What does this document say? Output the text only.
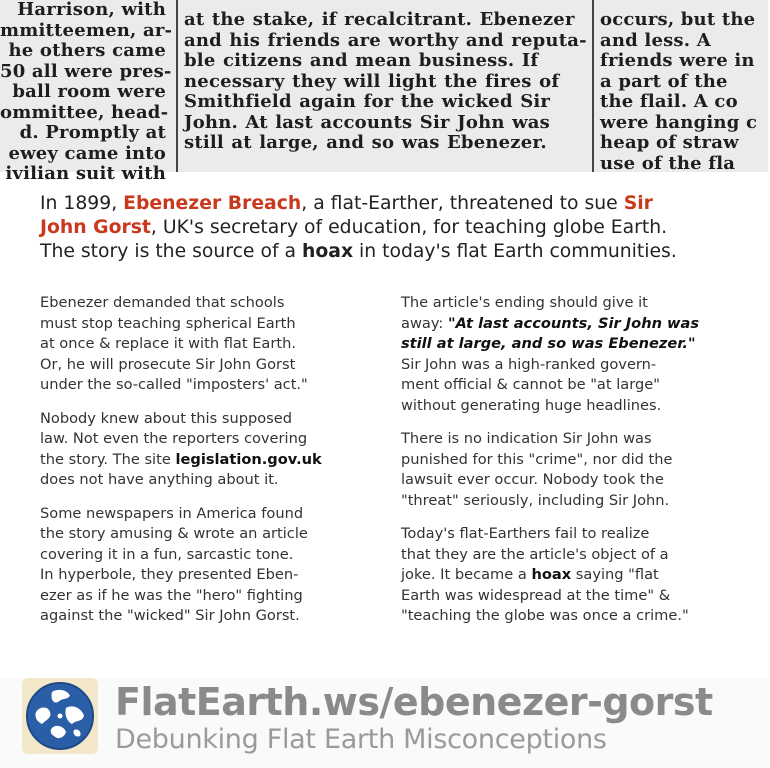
Harrison, with
mmitteemen, ar-
he others came
50 all were pres-
ball room were
ommittee, head-
d. Promptly at
ewey came into
ivilian suit with
at the stake, if recalcitrant. Ebenezer
and his friends are worthy and reputa-
ble citizens and mean business. If
necessary they will light the fires of
Smithfield again for the wicked Sir
John. At last accounts Sir John was
still at large, and so was Ebenezer.
occurs, but the
and less. A
friends were in
a part of the
the flail. A co
were hanging c
heap of straw
use of the fla
In 1899, Ebenezer Breach, a flat-Earther, threatened to sue Sir
John Gorst, UK's secretary of education, for teaching globe Earth.
The story is the source of a hoax in today's flat Earth communities.

Ebenezer demanded that schools
must stop teaching spherical Earth
at once & replace it with flat Earth.
Or, he will prosecute Sir John Gorst
under the so-called "imposters' act."

Nobody knew about this supposed
law. Not even the reporters covering
the story. The site legislation.gov.uk
does not have anything about it.

Some newspapers in America found
the story amusing & wrote an article
covering it in a fun, sarcastic tone.
In hyperbole, they presented Eben-
ezer as if he was the "hero" fighting
against the "wicked" Sir John Gorst.

The article's ending should give it
away: "At last accounts, Sir John was
still at large, and so was Ebenezer."
Sir John was a high-ranked govern-
ment official & cannot be "at large"
without generating huge headlines.

There is no indication Sir John was
punished for this "crime", nor did the
lawsuit ever occur. Nobody took the
"threat" seriously, including Sir John.

Today's flat-Earthers fail to realize
that they are the article's object of a
joke. It became a hoax saying "flat
Earth was widespread at the time" &
"teaching the globe was once a crime."

FlatEarth.ws/ebenezer-gorst
Debunking Flat Earth Misconceptions
